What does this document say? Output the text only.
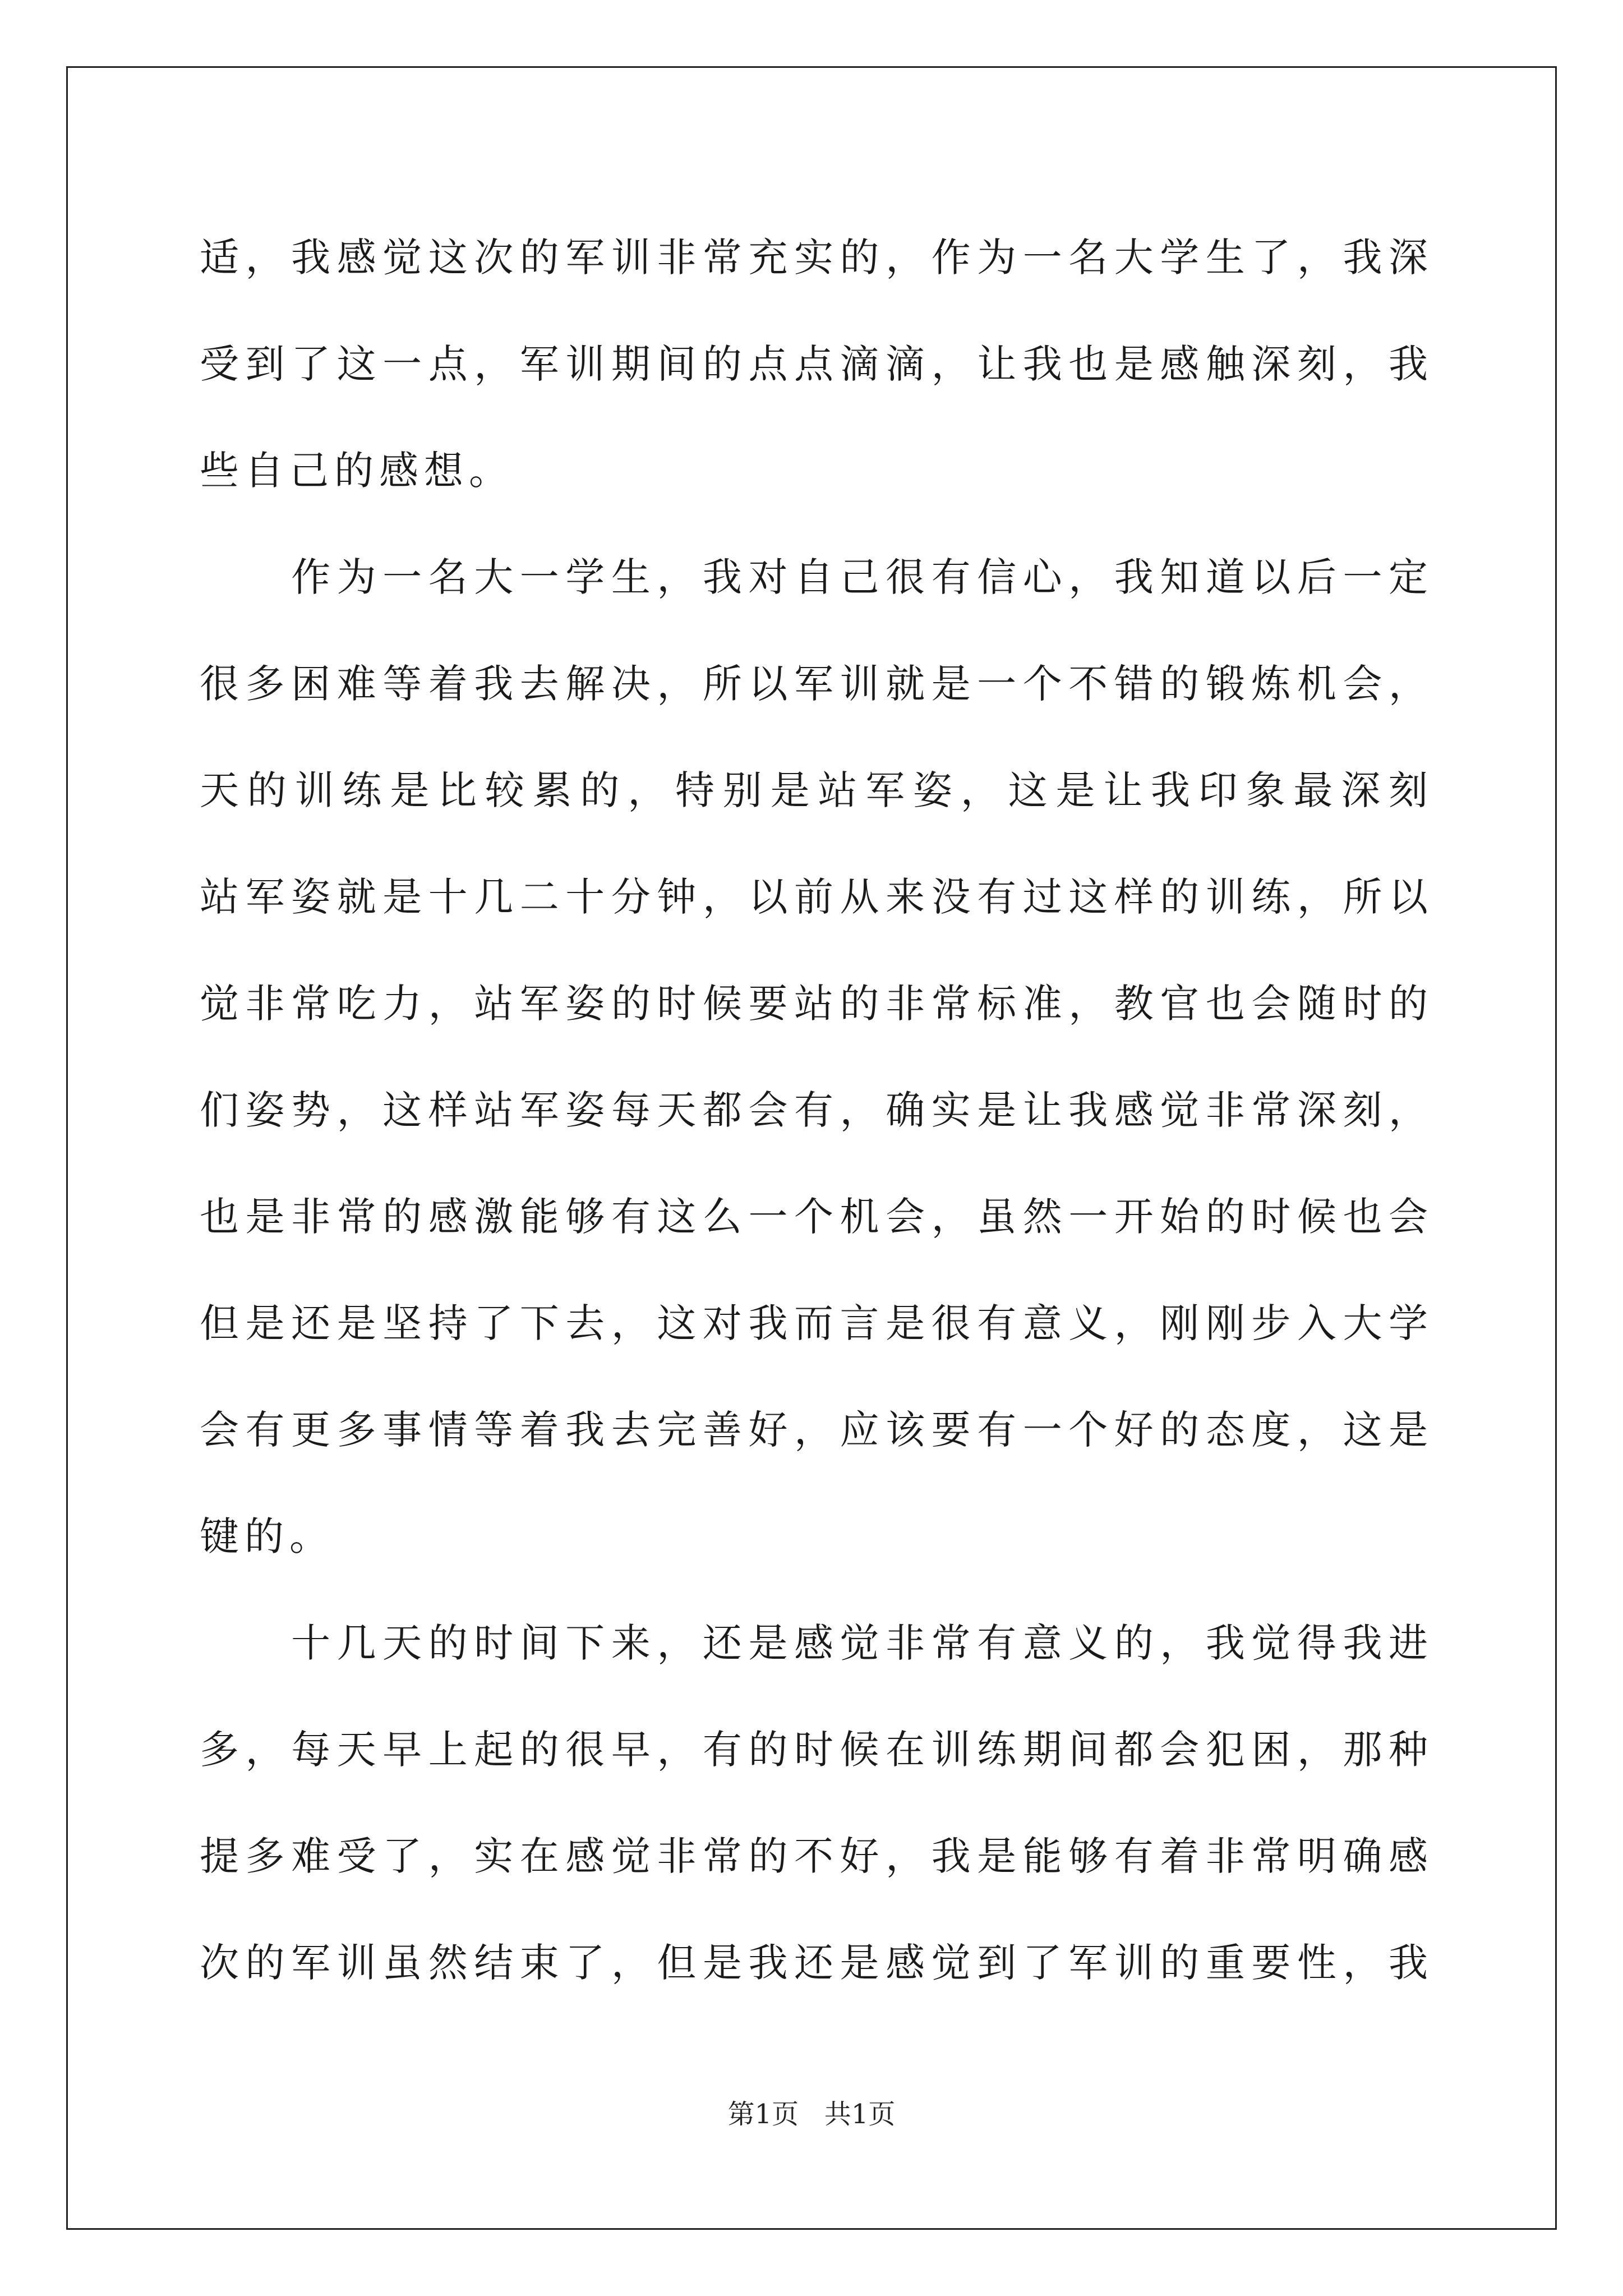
适，我感觉这次的军训非常充实的，作为一名大学生了，我深
受到了这一点，军训期间的点点滴滴，让我也是感触深刻，我
些自己的感想。
　　作为一名大一学生，我对自己很有信心，我知道以后一定
很多困难等着我去解决，所以军训就是一个不错的锻炼机会，
天的训练是比较累的，特别是站军姿，这是让我印象最深刻
站军姿就是十几二十分钟，以前从来没有过这样的训练，所以
觉非常吃力，站军姿的时候要站的非常标准，教官也会随时的
们姿势，这样站军姿每天都会有，确实是让我感觉非常深刻，
也是非常的感激能够有这么一个机会，虽然一开始的时候也会
但是还是坚持了下去，这对我而言是很有意义，刚刚步入大学
会有更多事情等着我去完善好，应该要有一个好的态度，这是
键的。
　　十几天的时间下来，还是感觉非常有意义的，我觉得我进
多，每天早上起的很早，有的时候在训练期间都会犯困，那种
提多难受了，实在感觉非常的不好，我是能够有着非常明确感
次的军训虽然结束了，但是我还是感觉到了军训的重要性，我
第1页 共1页
